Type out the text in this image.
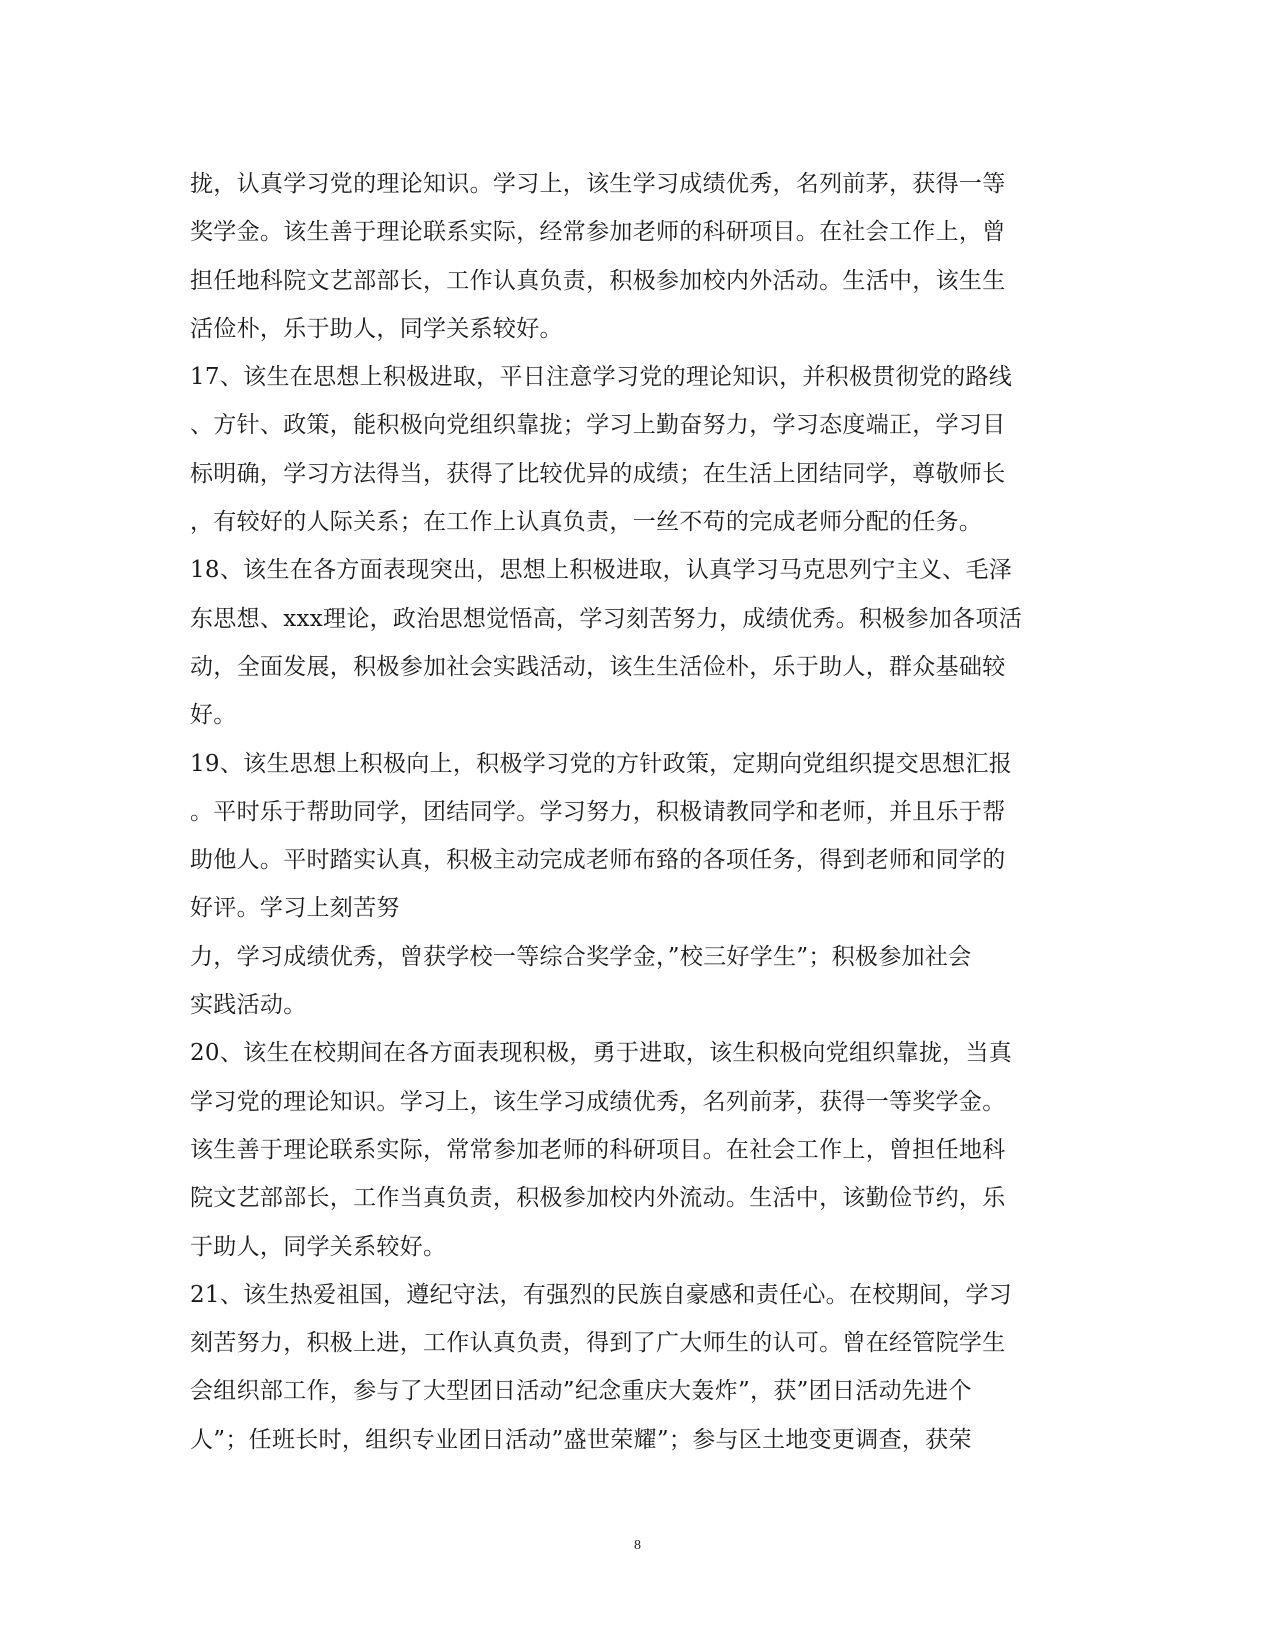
拢，认真学习党的理论知识。学习上，该生学习成绩优秀，名列前茅，获得一等
奖学金。该生善于理论联系实际，经常参加老师的科研项目。在社会工作上，曾
担任地科院文艺部部长，工作认真负责，积极参加校内外活动。生活中，该生生
活俭朴，乐于助人，同学关系较好。
17、该生在思想上积极进取，平日注意学习党的理论知识，并积极贯彻党的路线
、方针、政策，能积极向党组织靠拢；学习上勤奋努力，学习态度端正，学习目
标明确，学习方法得当，获得了比较优异的成绩；在生活上团结同学，尊敬师长
，有较好的人际关系；在工作上认真负责，一丝不苟的完成老师分配的任务。
18、该生在各方面表现突出，思想上积极进取，认真学习马克思列宁主义、毛泽
东思想、xxx理论，政治思想觉悟高，学习刻苦努力，成绩优秀。积极参加各项活
动，全面发展，积极参加社会实践活动，该生生活俭朴，乐于助人，群众基础较
好。
19、该生思想上积极向上，积极学习党的方针政策，定期向党组织提交思想汇报
。平时乐于帮助同学，团结同学。学习努力，积极请教同学和老师，并且乐于帮
助他人。平时踏实认真，积极主动完成老师布臵的各项任务，得到老师和同学的
好评。学习上刻苦努
力，学习成绩优秀，曾获学校一等综合奖学金，”校三好学生”；积极参加社会
实践活动。
20、该生在校期间在各方面表现积极，勇于进取，该生积极向党组织靠拢，当真
学习党的理论知识。学习上，该生学习成绩优秀，名列前茅，获得一等奖学金。
该生善于理论联系实际，常常参加老师的科研项目。在社会工作上，曾担任地科
院文艺部部长，工作当真负责，积极参加校内外流动。生活中，该勤俭节约，乐
于助人，同学关系较好。
21、该生热爱祖国，遵纪守法，有强烈的民族自豪感和责任心。在校期间，学习
刻苦努力，积极上进，工作认真负责，得到了广大师生的认可。曾在经管院学生
会组织部工作，参与了大型团日活动”纪念重庆大轰炸”，获”团日活动先进个
人”；任班长时，组织专业团日活动”盛世荣耀”；参与区土地变更调查，获荣
8
